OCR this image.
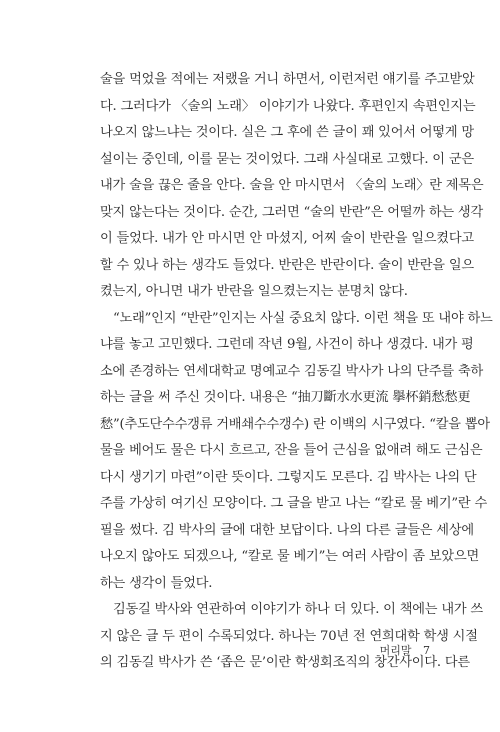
술을 먹었을 적에는 저랬을 거니 하면서, 이런저런 얘기를 주고받았
다. 그러다가 〈술의 노래〉 이야기가 나왔다. 후편인지 속편인지는
나오지 않느냐는 것이다. 실은 그 후에 쓴 글이 꽤 있어서 어떻게 망
설이는 중인데, 이를 묻는 것이었다. 그래 사실대로 고했다. 이 군은
내가 술을 끊은 줄을 안다. 술을 안 마시면서 〈술의 노래〉란 제목은
맞지 않는다는 것이다. 순간, 그러면 “술의 반란”은 어떨까 하는 생각
이 들었다. 내가 안 마시면 안 마셨지, 어찌 술이 반란을 일으켰다고
할 수 있나 하는 생각도 들었다. 반란은 반란이다. 술이 반란을 일으
켰는지, 아니면 내가 반란을 일으켰는지는 분명치 않다.
“노래”인지 “반란”인지는 사실 중요치 않다. 이런 책을 또 내야 하느
냐를 놓고 고민했다. 그런데 작년 9월, 사건이 하나 생겼다. 내가 평
소에 존경하는 연세대학교 명예교수 김동길 박사가 나의 단주를 축하
하는 글을 써 주신 것이다. 내용은 “抽刀斷水水更流 擧杯銷愁愁更
愁”(추도단수수갱류 거배쇄수수갱수) 란 이백의 시구였다. “칼을 뽑아
물을 베어도 물은 다시 흐르고, 잔을 들어 근심을 없애려 해도 근심은
다시 생기기 마련”이란 뜻이다. 그렇지도 모른다. 김 박사는 나의 단
주를 가상히 여기신 모양이다. 그 글을 받고 나는 “칼로 물 베기”란 수
필을 썼다. 김 박사의 글에 대한 보답이다. 나의 다른 글들은 세상에
나오지 않아도 되겠으나, “칼로 물 베기”는 여러 사람이 좀 보았으면
하는 생각이 들었다.
김동길 박사와 연관하여 이야기가 하나 더 있다. 이 책에는 내가 쓰
지 않은 글 두 편이 수록되었다. 하나는 70년 전 연희대학 학생 시절
의 김동길 박사가 쓴 ‘좁은 문’이란 학생회조직의 창간사이다. 다른
머리말 7
